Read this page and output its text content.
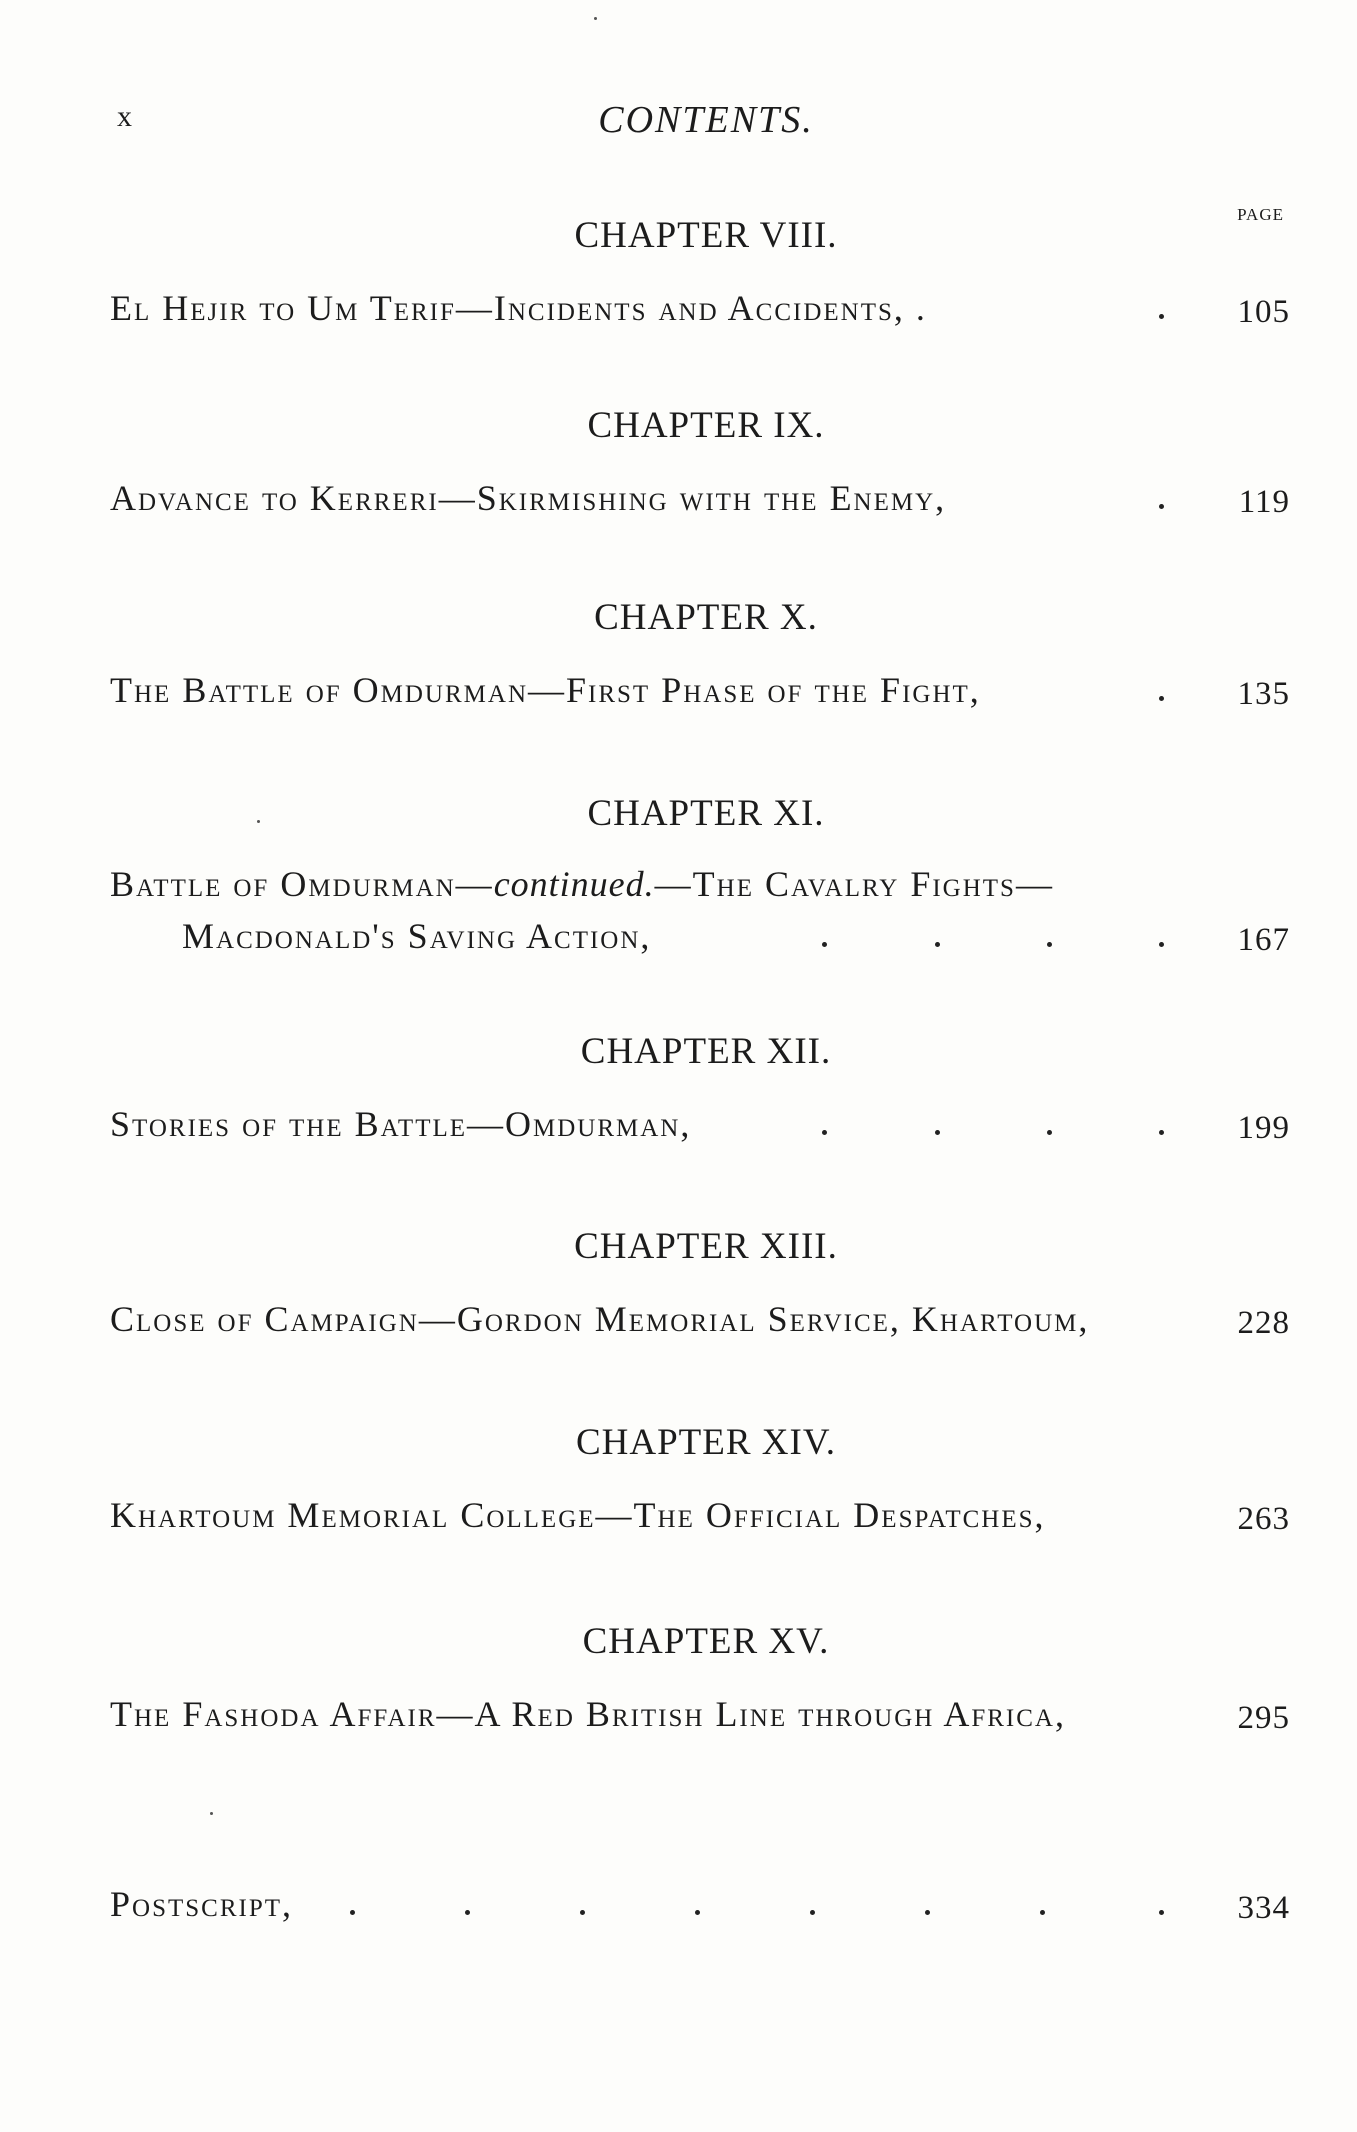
x	CONTENTS.
PAGE
CHAPTER VIII.
El Hejir to Um Terif—Incidents and Accidents, .	105
CHAPTER IX.
Advance to Kerreri—Skirmishing with the Enemy,	119
CHAPTER X.
The Battle of Omdurman—First Phase of the Fight,	135
CHAPTER XI.
Battle of Omdurman—continued.—The Cavalry Fights—
Macdonald's Saving Action,	167
CHAPTER XII.
Stories of the Battle—Omdurman,	199
CHAPTER XIII.
Close of Campaign—Gordon Memorial Service, Khartoum,	228
CHAPTER XIV.
Khartoum Memorial College—The Official Despatches,	263
CHAPTER XV.
The Fashoda Affair—A Red British Line through Africa,	295
Postscript,	334
